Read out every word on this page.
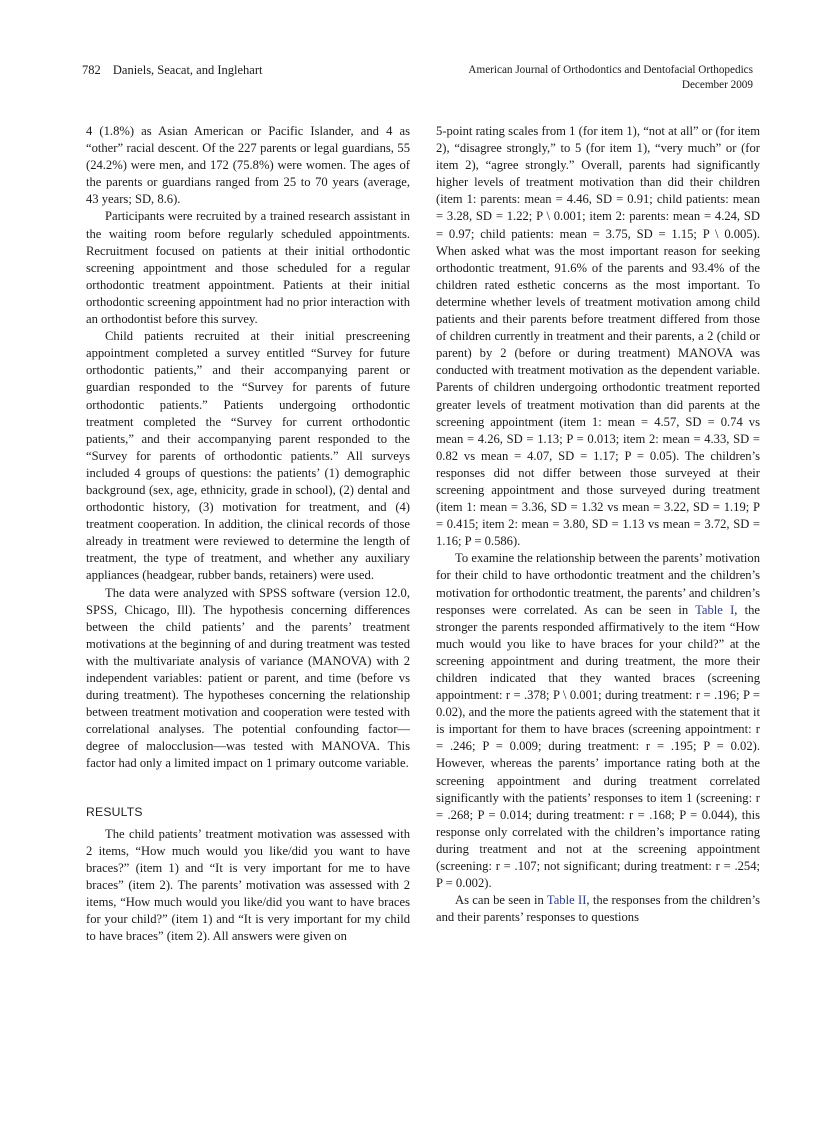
782 Daniels, Seacat, and Inglehart	American Journal of Orthodontics and Dentofacial Orthopedics
December 2009

4 (1.8%) as Asian American or Pacific Islander, and 4 as “other” racial descent. Of the 227 parents or legal guardians, 55 (24.2%) were men, and 172 (75.8%) were women. The ages of the parents or guardians ranged from 25 to 70 years (average, 43 years; SD, 8.6).

Participants were recruited by a trained research assistant in the waiting room before regularly scheduled appointments. Recruitment focused on patients at their initial orthodontic screening appointment and those scheduled for a regular orthodontic treatment appointment. Patients at their initial orthodontic screening appointment had no prior interaction with an orthodontist before this survey.

Child patients recruited at their initial prescreening appointment completed a survey entitled “Survey for future orthodontic patients,” and their accompanying parent or guardian responded to the “Survey for parents of future orthodontic patients.” Patients undergoing orthodontic treatment completed the “Survey for current orthodontic patients,” and their accompanying parent responded to the “Survey for parents of orthodontic patients.” All surveys included 4 groups of questions: the patients’ (1) demographic background (sex, age, ethnicity, grade in school), (2) dental and orthodontic history, (3) motivation for treatment, and (4) treatment cooperation. In addition, the clinical records of those already in treatment were reviewed to determine the length of treatment, the type of treatment, and whether any auxiliary appliances (headgear, rubber bands, retainers) were used.

The data were analyzed with SPSS software (version 12.0, SPSS, Chicago, Ill). The hypothesis concerning differences between the child patients’ and the parents’ treatment motivations at the beginning of and during treatment was tested with the multivariate analysis of variance (MANOVA) with 2 independent variables: patient or parent, and time (before vs during treatment). The hypotheses concerning the relationship between treatment motivation and cooperation were tested with correlational analyses. The potential confounding factor—degree of malocclusion—was tested with MANOVA. This factor had only a limited impact on 1 primary outcome variable.

RESULTS

The child patients’ treatment motivation was assessed with 2 items, “How much would you like/did you want to have braces?” (item 1) and “It is very important for me to have braces” (item 2). The parents’ motivation was assessed with 2 items, “How much would you like/did you want to have braces for your child?” (item 1) and “It is very important for my child to have braces” (item 2). All answers were given on

5-point rating scales from 1 (for item 1), “not at all” or (for item 2), “disagree strongly,” to 5 (for item 1), “very much” or (for item 2), “agree strongly.” Overall, parents had significantly higher levels of treatment motivation than did their children (item 1: parents: mean = 4.46, SD = 0.91; child patients: mean = 3.28, SD = 1.22; P \ 0.001; item 2: parents: mean = 4.24, SD = 0.97; child patients: mean = 3.75, SD = 1.15; P \ 0.005). When asked what was the most important reason for seeking orthodontic treatment, 91.6% of the parents and 93.4% of the children rated esthetic concerns as the most important. To determine whether levels of treatment motivation among child patients and their parents before treatment differed from those of children currently in treatment and their parents, a 2 (child or parent) by 2 (before or during treatment) MANOVA was conducted with treatment motivation as the dependent variable. Parents of children undergoing orthodontic treatment reported greater levels of treatment motivation than did parents at the screening appointment (item 1: mean = 4.57, SD = 0.74 vs mean = 4.26, SD = 1.13; P = 0.013; item 2: mean = 4.33, SD = 0.82 vs mean = 4.07, SD = 1.17; P = 0.05). The children’s responses did not differ between those surveyed at their screening appointment and those surveyed during treatment (item 1: mean = 3.36, SD = 1.32 vs mean = 3.22, SD = 1.19; P = 0.415; item 2: mean = 3.80, SD = 1.13 vs mean = 3.72, SD = 1.16; P = 0.586).

To examine the relationship between the parents’ motivation for their child to have orthodontic treatment and the children’s motivation for orthodontic treatment, the parents’ and children’s responses were correlated. As can be seen in Table I, the stronger the parents responded affirmatively to the item “How much would you like to have braces for your child?” at the screening appointment and during treatment, the more their children indicated that they wanted braces (screening appointment: r = .378; P \ 0.001; during treatment: r = .196; P = 0.02), and the more the patients agreed with the statement that it is important for them to have braces (screening appointment: r = .246; P = 0.009; during treatment: r = .195; P = 0.02). However, whereas the parents’ importance rating both at the screening appointment and during treatment correlated significantly with the patients’ responses to item 1 (screening: r = .268; P = 0.014; during treatment: r = .168; P = 0.044), this response only correlated with the children’s importance rating during treatment and not at the screening appointment (screening: r = .107; not significant; during treatment: r = .254; P = 0.002).

As can be seen in Table II, the responses from the children’s and their parents’ responses to questions
